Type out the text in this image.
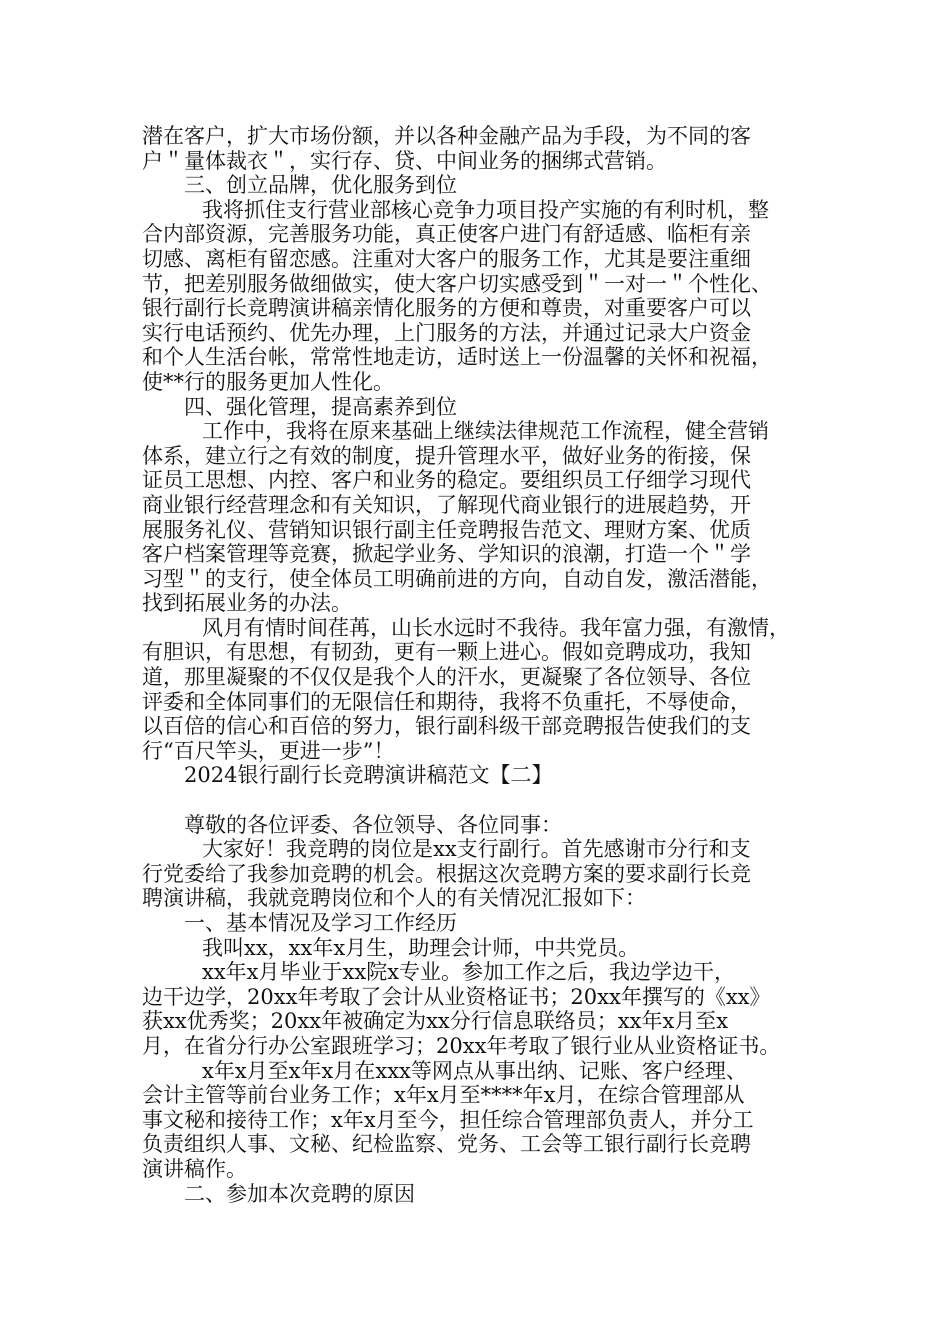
潜在客户，扩大市场份额，并以各种金融产品为手段，为不同的客
户＂量体裁衣＂，实行存、贷、中间业务的捆绑式营销。
三、创立品牌，优化服务到位
我将抓住支行营业部核心竞争力项目投产实施的有利时机，整
合内部资源，完善服务功能，真正使客户进门有舒适感、临柜有亲
切感、离柜有留恋感。注重对大客户的服务工作，尤其是要注重细
节，把差别服务做细做实，使大客户切实感受到＂一对一＂个性化、
银行副行长竞聘演讲稿亲情化服务的方便和尊贵，对重要客户可以
实行电话预约、优先办理，上门服务的方法，并通过记录大户资金
和个人生活台帐，常常性地走访，适时送上一份温馨的关怀和祝福，
使**行的服务更加人性化。
四、强化管理，提高素养到位
工作中，我将在原来基础上继续法律规范工作流程，健全营销
体系，建立行之有效的制度，提升管理水平，做好业务的衔接，保
证员工思想、内控、客户和业务的稳定。要组织员工仔细学习现代
商业银行经营理念和有关知识，了解现代商业银行的进展趋势，开
展服务礼仪、营销知识银行副主任竞聘报告范文、理财方案、优质
客户档案管理等竞赛，掀起学业务、学知识的浪潮，打造一个＂学
习型＂的支行，使全体员工明确前进的方向，自动自发，激活潜能，
找到拓展业务的办法。
风月有情时间荏苒，山长水远时不我待。我年富力强，有激情，
有胆识，有思想，有韧劲，更有一颗上进心。假如竞聘成功，我知
道，那里凝聚的不仅仅是我个人的汗水，更凝聚了各位领导、各位
评委和全体同事们的无限信任和期待，我将不负重托，不辱使命，
以百倍的信心和百倍的努力，银行副科级干部竞聘报告使我们的支
行“百尺竿头，更进一步”！
2024银行副行长竞聘演讲稿范文【二】
尊敬的各位评委、各位领导、各位同事：
大家好！我竞聘的岗位是xx支行副行。首先感谢市分行和支
行党委给了我参加竞聘的机会。根据这次竞聘方案的要求副行长竞
聘演讲稿，我就竞聘岗位和个人的有关情况汇报如下：
一、基本情况及学习工作经历
我叫xx，xx年x月生，助理会计师，中共党员。
xx年x月毕业于xx院x专业。参加工作之后，我边学边干，
边干边学，20xx年考取了会计从业资格证书；20xx年撰写的《xx》
获xx优秀奖；20xx年被确定为xx分行信息联络员；xx年x月至x
月，在省分行办公室跟班学习；20xx年考取了银行业从业资格证书。
x年x月至x年x月在xxx等网点从事出纳、记账、客户经理、
会计主管等前台业务工作；x年x月至****年x月，在综合管理部从
事文秘和接待工作；x年x月至今，担任综合管理部负责人，并分工
负责组织人事、文秘、纪检监察、党务、工会等工银行副行长竞聘
演讲稿作。
二、参加本次竞聘的原因
